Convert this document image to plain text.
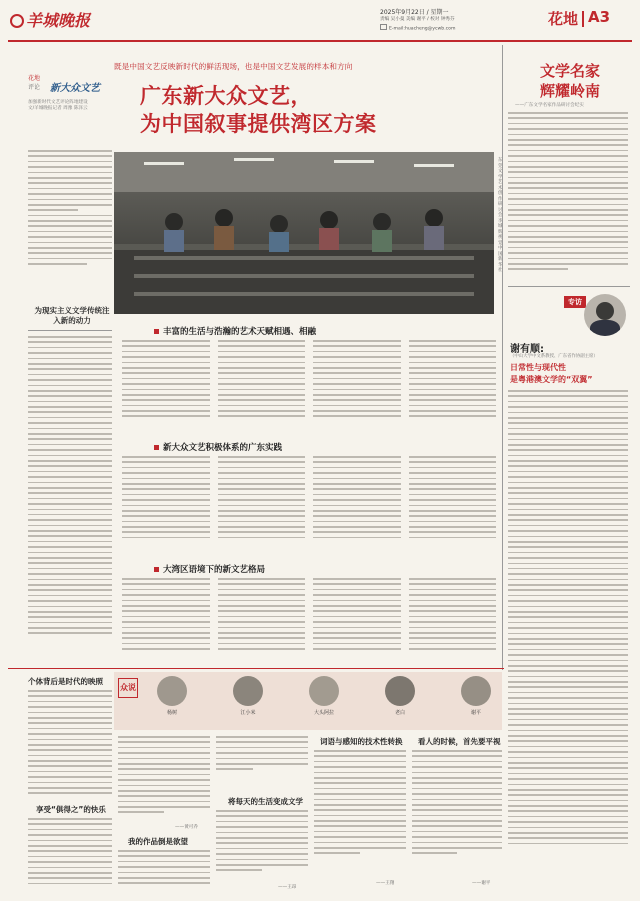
羊城晚报	2025年9月22日 / 星期一
责编 吴小曼 美编 谢平 / 校对 钟秀芬
E-mail:huacheng@ycwb.com
花地 A3
花地
评论 新大众文艺
加强新时代文艺评论阵地建设
文/羊城晚报记者 周豫 陈泽云
既是中国文艺反映新时代的鲜活现场，也是中国文艺发展的样本和方向
广东新大众文艺，
为中国叙事提供湾区方案
为现实主义文学传统注入新的动力
东莞文学艺术创作研讨会 李城辉 视觉中国 新华社
丰富的生活与浩瀚的艺术天赋相遇、相融
新大众文艺积极体系的广东实践
大湾区语境下的新文艺格局
文学名家
辉耀岭南
——广东文学名家作品研讨会纪实
专访
谢有顺:
（中山大学中文系教授、广东省作协副主席）
日常性与现代性
是粤港澳文学的“双翼”
个体背后是时代的映照
享受“俱得之”的快乐
众说
杨树	江小米	大头阿拉	老白	谢平
——黄可乔
我的作品倒是欲望
将每天的生活变成文学
——王昂
词语与感知的技术性转换
——王翔
看人的时候，首先要平视
——谢平
